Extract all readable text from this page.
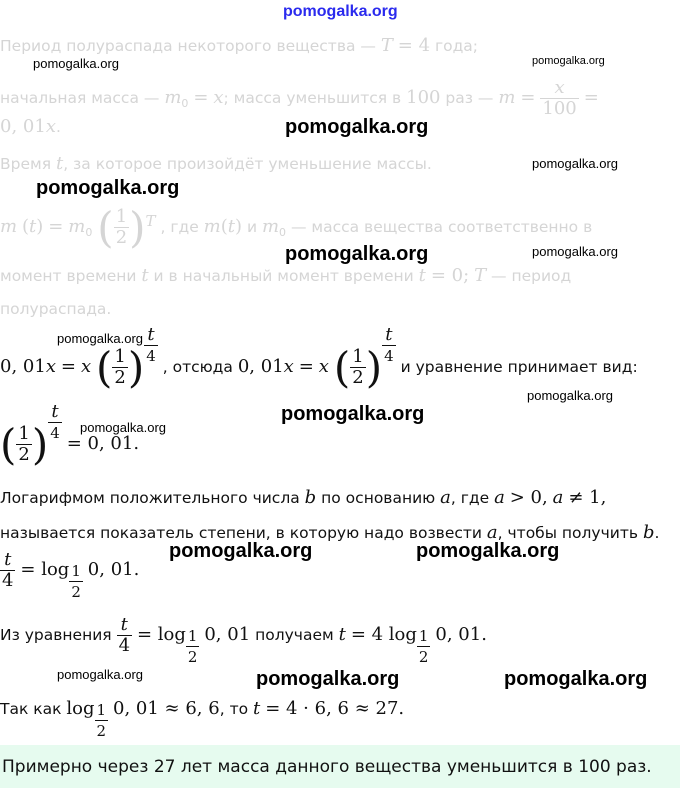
pomogalka.org
Период полураспада некоторого вещества — T = 4 года;
начальная масса — $m_0 = x$; масса уменьшится в 100 раз — $m = \frac{x}{100}$ =
0, 01x.
Время t, за которое произойдёт уменьшение массы.
m $(t) = m_0$ ( $\frac{1}{2} )^T$ , где m(t) и $m_0$ — масса вещества соответственно в
момент времени t и в начальный момент времени t = 0; T — период
полураспада.
0, 01x = x ( $\frac{1}{2}$ ) $\frac{t}{4}$
, отсюда 0, 01x = x ( $\frac{1}{2}$ ) $\frac{t}{4}$
и уравнение принимает вид:
( $\frac{1}{2}$ ) $\frac{t}{4}$
= 0, 01.
Логарифмом положительного числа b по основанию a, где a > 0, a ≠ 1,
называется показатель степени, в которую надо возвести a, чтобы получить b.
$\frac{t}{4} = \log \frac{1}{2} 0$, 01.
Из уравнения $\frac{t}{4} = \log \frac{1}{2} 0$, 01 получаем t = 4 $\log \frac{1}{2} 0$, 01.
Так как $\log \frac{1}{2} 0$, 01 ≈ 6, 6, то t = 4 · 6, 6 ≈ 27.
Примерно через 27 лет масса данного вещества уменьшится в 100 раз.
pomogalka.org	pomogalka.org
pomogalka.org
pomogalka.org
pomogalka.org
pomogalka.org	pomogalka.org
pomogalka.org
pomogalka.org
pomogalka.org
pomogalka.org
pomogalka.org	pomogalka.org
pomogalka.org	pomogalka.org	pomogalka.org
